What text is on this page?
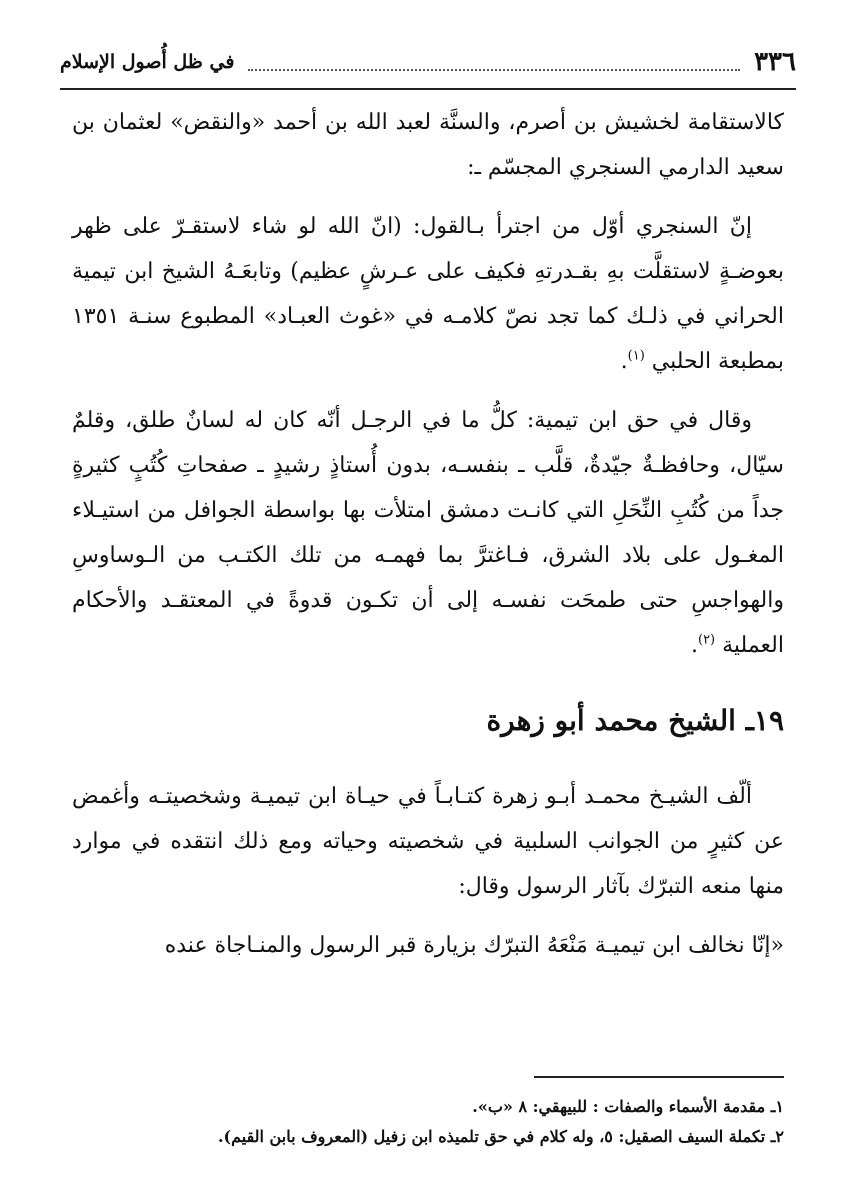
٣٣٦
في ظل أُصول الإسلام

كالاستقامة لخشيش بن أصرم، والسنَّة لعبد الله بن أحمد «والنقض» لعثمان بن سعيد الدارمي السنجري المجسّم ـ:

إنّ السنجري أوّل من اجترأ بـالقول: (انّ الله لو شاء لاستقـرّ على ظهر بعوضـةٍ لاستقلَّت بهِ بقـدرتهِ فكيف على عـرشٍ عظيم) وتابعَـهُ الشيخ ابن تيمية الحراني في ذلـك كما تجد نصّ كلامـه في «غوث العبـاد» المطبوع سنـة ١٣٥١ بمطبعة الحلبي $^{(١)}$.

وقال في حق ابن تيمية: كلُّ ما في الرجـل أنّه كان له لسانٌ طلق، وقلمٌ سيّال، وحافظـةٌ جيّدةٌ، قلَّب ـ بنفسـه، بدون أُستاذٍ رشيدٍ ـ صفحاتِ كُتُبٍ كثيرةٍ جداً من كُتُبِ النِّحَلِ التي كانـت دمشق امتلأت بها بواسطة الجوافل من استيـلاء المغـول على بلاد الشرق، فـاغترَّ بما فهمـه من تلك الكتـب من الـوساوسِ والهواجسِ حتى طمحَت نفسـه إلى أن تكـون قدوةً في المعتقـد والأحكام العملية $^{(٢)}$.

١٩ـ الشيخ محمد أبو زهرة

ألّف الشيـخ محمـد أبـو زهرة كتـابـاً في حيـاة ابن تيميـة وشخصيتـه وأغمض عن كثيرٍ من الجوانب السلبية في شخصيته وحياته ومع ذلك انتقده في موارد منها منعه التبرّك بآثار الرسول وقال:

«إنّا نخالف ابن تيميـة مَنْعَهُ التبرّك بزيارة قبر الرسول والمنـاجاة عنده

١ـ مقدمة الأسماء والصفات : للبيهقي: ٨ «ب».

٢ـ تكملة السيف الصقيل: ٥، وله كلام في حق تلميذه ابن زفيل (المعروف بابن القيم).
